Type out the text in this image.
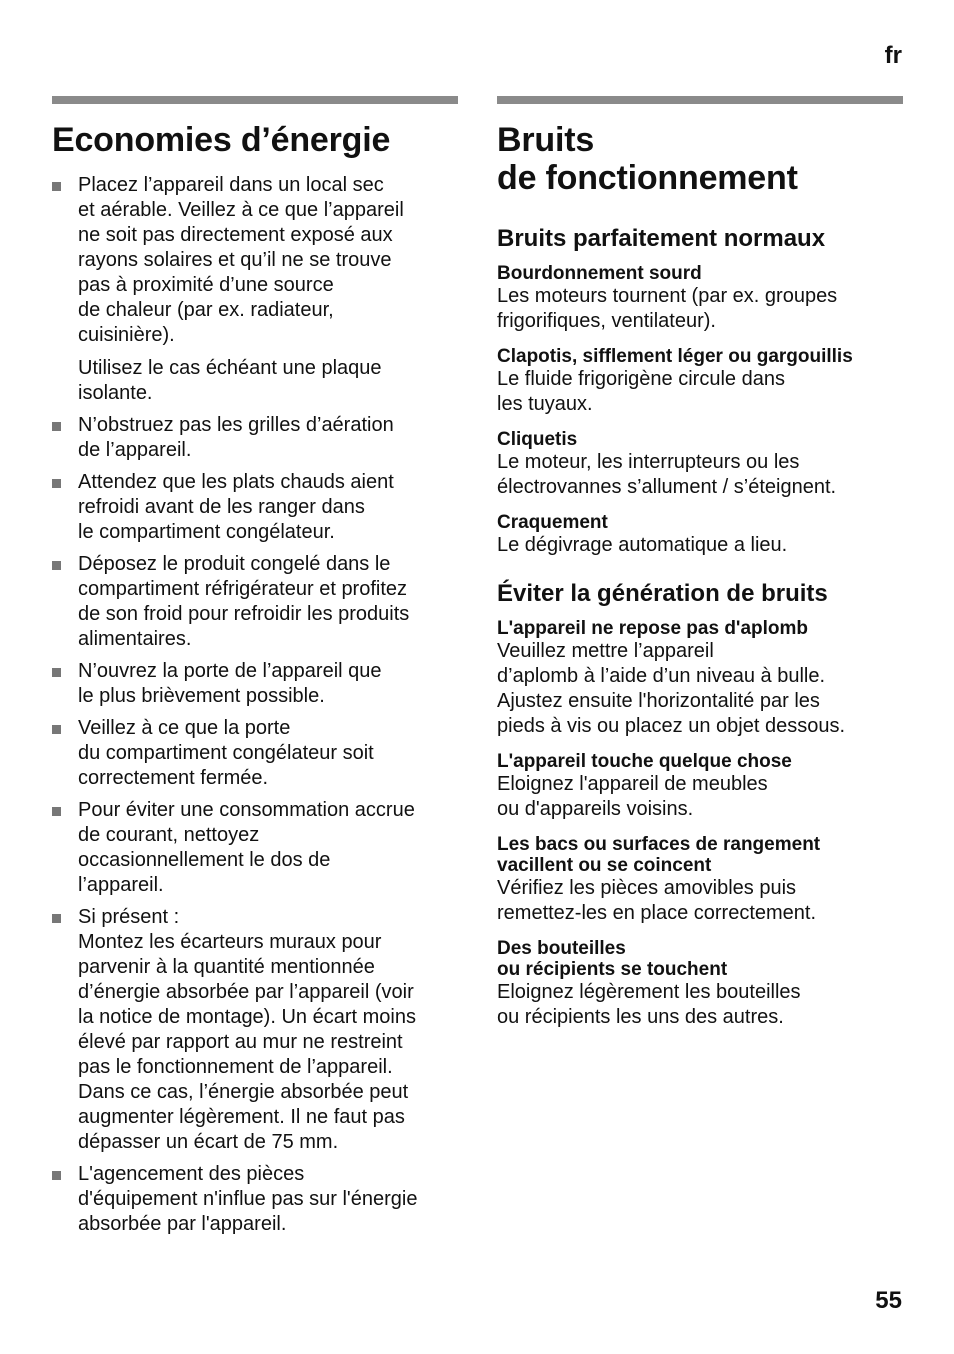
fr
Economies d’énergie

Placez l’appareil dans un local sec
et aérable. Veillez à ce que l’appareil
ne soit pas directement exposé aux
rayons solaires et qu’il ne se trouve
pas à proximité d’une source
de chaleur (par ex. radiateur,
cuisinière).

Utilisez le cas échéant une plaque
isolante.

N’obstruez pas les grilles d’aération
de l’appareil.

Attendez que les plats chauds aient
refroidi avant de les ranger dans
le compartiment congélateur.

Déposez le produit congelé dans le
compartiment réfrigérateur et profitez
de son froid pour refroidir les produits
alimentaires.

N’ouvrez la porte de l’appareil que
le plus brièvement possible.

Veillez à ce que la porte
du compartiment congélateur soit
correctement fermée.

Pour éviter une consommation accrue
de courant, nettoyez
occasionnellement le dos de
l’appareil.

Si présent :
Montez les écarteurs muraux pour
parvenir à la quantité mentionnée
d’énergie absorbée par l’appareil (voir
la notice de montage). Un écart moins
élevé par rapport au mur ne restreint
pas le fonctionnement de l’appareil.
Dans ce cas, l’énergie absorbée peut
augmenter légèrement. Il ne faut pas
dépasser un écart de 75 mm.

L'agencement des pièces
d'équipement n'influe pas sur l'énergie
absorbée par l'appareil.

Bruits
de fonctionnement
Bruits parfaitement normaux
Bourdonnement sourd

Les moteurs tournent (par ex. groupes
frigorifiques, ventilateur).

Clapotis, sifflement léger ou gargouillis

Le fluide frigorigène circule dans
les tuyaux.

Cliquetis

Le moteur, les interrupteurs ou les
électrovannes s’allument / s’éteignent.

Craquement

Le dégivrage automatique a lieu.

Éviter la génération de bruits
L'appareil ne repose pas d'aplomb

Veuillez mettre l’appareil
d’aplomb à l’aide d’un niveau à bulle.
Ajustez ensuite l'horizontalité par les
pieds à vis ou placez un objet dessous.

L'appareil touche quelque chose

Eloignez l'appareil de meubles
ou d'appareils voisins.

Les bacs ou surfaces de rangement
vacillent ou se coincent

Vérifiez les pièces amovibles puis
remettez-les en place correctement.

Des bouteilles
ou récipients se touchent

Eloignez légèrement les bouteilles
ou récipients les uns des autres.

55
